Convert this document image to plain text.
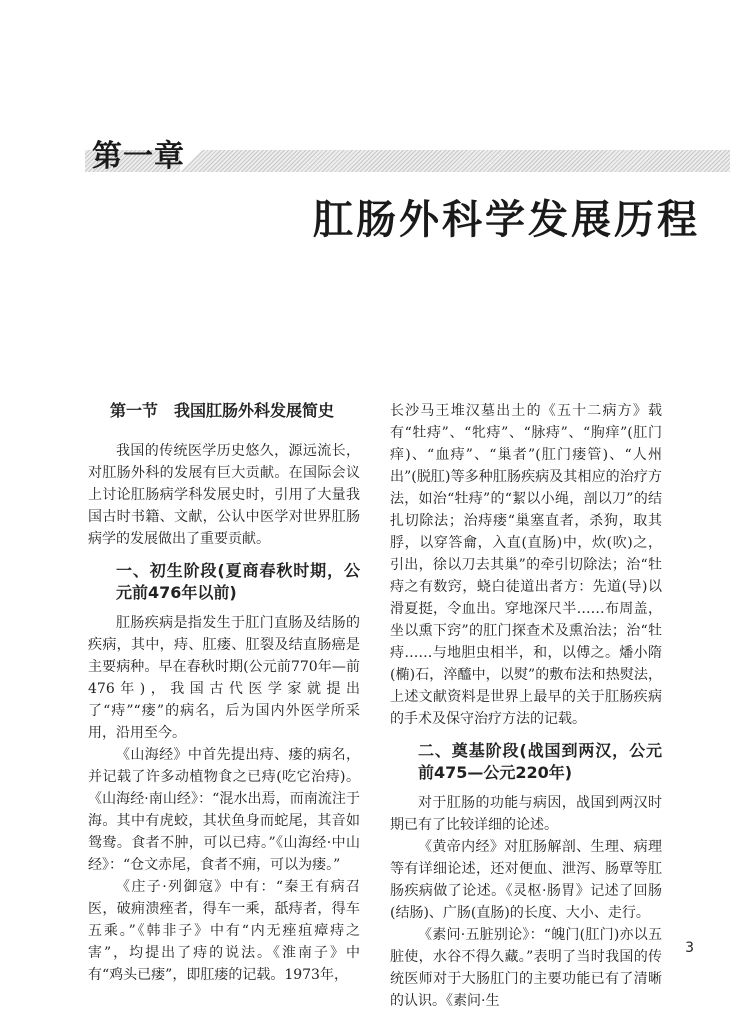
第一章
肛肠外科学发展历程
第一节　我国肛肠外科发展简史

我国的传统医学历史悠久，源远流长，对肛肠外科的发展有巨大贡献。在国际会议上讨论肛肠病学科发展史时，引用了大量我国古时书籍、文献，公认中医学对世界肛肠病学的发展做出了重要贡献。

一、初生阶段(夏商春秋时期，公元前476年以前)

肛肠疾病是指发生于肛门直肠及结肠的疾病，其中，痔、肛瘘、肛裂及结直肠癌是主要病种。早在春秋时期(公元前770年—前476年)，我国古代医学家就提出了“痔”“瘘”的病名，后为国内外医学所采用，沿用至今。

《山海经》中首先提出痔、瘘的病名，并记载了许多动植物食之已痔(吃它治痔)。《山海经·南山经》：“混水出焉，而南流注于海。其中有虎蛟，其状鱼身而蛇尾，其音如鸳鸯。食者不肿，可以已痔。”《山海经·中山经》：“仓文赤尾，食者不痈，可以为瘘。”

《庄子·列御寇》中有：“秦王有病召医，破痈溃痤者，得车一乘，舐痔者，得车五乘。”《韩非子》中有“内无痤疽瘴痔之害”，均提出了痔的说法。《淮南子》中有“鸡头已瘘”，即肛瘘的记载。1973年，

长沙马王堆汉墓出土的《五十二病方》载有“牡痔”、“牝痔”、“脉痔”、“朐痒”(肛门痒)、“血痔”、“巢者”(肛门瘘管)、“人州出”(脱肛)等多种肛肠疾病及其相应的治疗方法，如治“牡痔”的“絜以小绳，剖以刀”的结扎切除法；治痔瘘“巢塞直者，杀狗，取其脬，以穿答龠，入直(直肠)中，炊(吹)之，引出，徐以刀去其巢”的牵引切除法；治“牡痔之有数窍，蛲白徒道出者方：先道(导)以滑夏挺，令血出。穿地深尺半……布周盖，坐以熏下窍”的肛门探查术及熏治法；治“牡痔……与地胆虫相半，和，以傅之。燔小隋(椭)石，淬醯中，以熨”的敷布法和热熨法，上述文献资料是世界上最早的关于肛肠疾病的手术及保守治疗方法的记载。

二、奠基阶段(战国到两汉，公元前475—公元220年)

对于肛肠的功能与病因，战国到两汉时期已有了比较详细的论述。

《黄帝内经》对肛肠解剖、生理、病理等有详细论述，还对便血、泄泻、肠覃等肛肠疾病做了论述。《灵枢·肠胃》记述了回肠(结肠)、广肠(直肠)的长度、大小、走行。

《素问·五脏别论》：“魄门(肛门)亦以五脏使，水谷不得久藏。”表明了当时我国的传统医师对于大肠肛门的主要功能已有了清晰的认识。《素问·生

3
